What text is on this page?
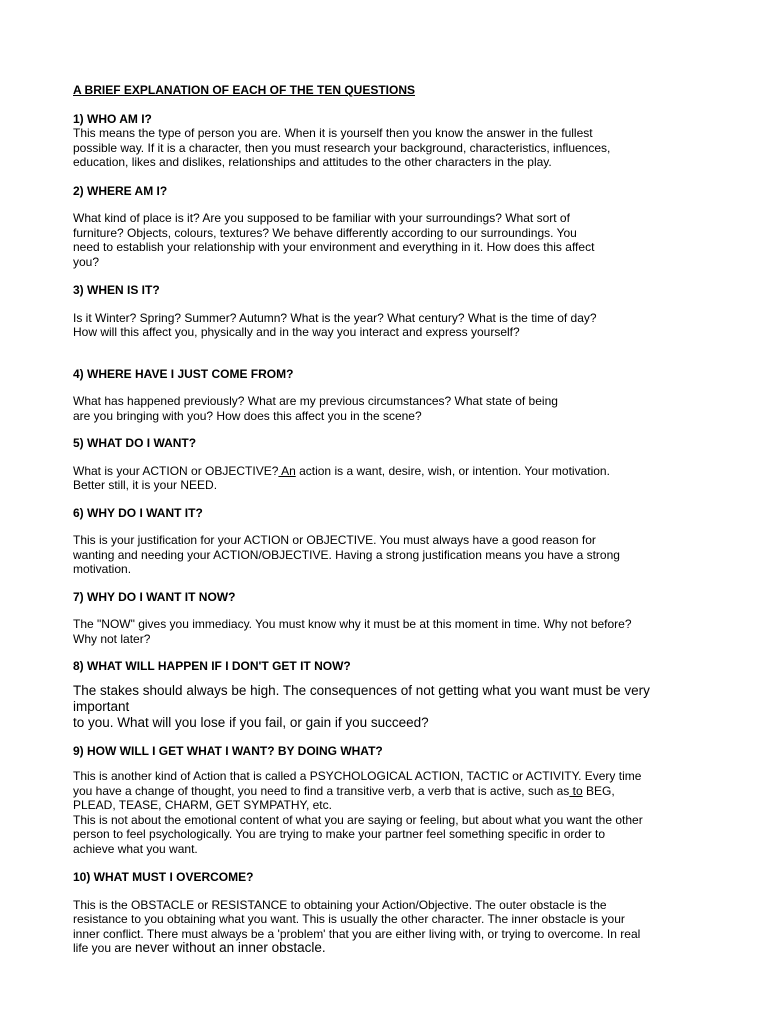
A BRIEF EXPLANATION OF EACH OF THE TEN QUESTIONS
1) WHO AM I?

This means the type of person you are. When it is yourself then you know the answer in the fullest

possible way. If it is a character, then you must research your background, characteristics, influences,

education, likes and dislikes, relationships and attitudes to the other characters in the play.

2) WHERE AM I?

What kind of place is it? Are you supposed to be familiar with your surroundings? What sort of

furniture? Objects, colours, textures? We behave differently according to our surroundings. You

need to establish your relationship with your environment and everything in it. How does this affect

you?

3) WHEN IS IT?

Is it Winter? Spring? Summer? Autumn? What is the year? What century? What is the time of day?

How will this affect you, physically and in the way you interact and express yourself?

4) WHERE HAVE I JUST COME FROM?

What has happened previously? What are my previous circumstances? What state of being

are you bringing with you? How does this affect you in the scene?

5) WHAT DO I WANT?

What is your ACTION or OBJECTIVE? An action is a want, desire, wish, or intention. Your motivation.

Better still, it is your NEED.

6) WHY DO I WANT IT?

This is your justification for your ACTION or OBJECTIVE. You must always have a good reason for

wanting and needing your ACTION/OBJECTIVE. Having a strong justification means you have a strong

motivation.

7) WHY DO I WANT IT NOW?

The "NOW" gives you immediacy. You must know why it must be at this moment in time. Why not before?

Why not later?

8) WHAT WILL HAPPEN IF I DON'T GET IT NOW?

The stakes should always be high. The consequences of not getting what you want must be very important

to you. What will you lose if you fail, or gain if you succeed?

9) HOW WILL I GET WHAT I WANT? BY DOING WHAT?

This is another kind of Action that is called a PSYCHOLOGICAL ACTION, TACTIC or ACTIVITY. Every time

you have a change of thought, you need to find a transitive verb, a verb that is active, such as to BEG,

PLEAD, TEASE, CHARM, GET SYMPATHY, etc.

This is not about the emotional content of what you are saying or feeling, but about what you want the other

person to feel psychologically. You are trying to make your partner feel something specific in order to

achieve what you want.

10) WHAT MUST I OVERCOME?

This is the OBSTACLE or RESISTANCE to obtaining your Action/Objective. The outer obstacle is the

resistance to you obtaining what you want. This is usually the other character. The inner obstacle is your

inner conflict. There must always be a 'problem' that you are either living with, or trying to overcome. In real

life you are never without an inner obstacle.
